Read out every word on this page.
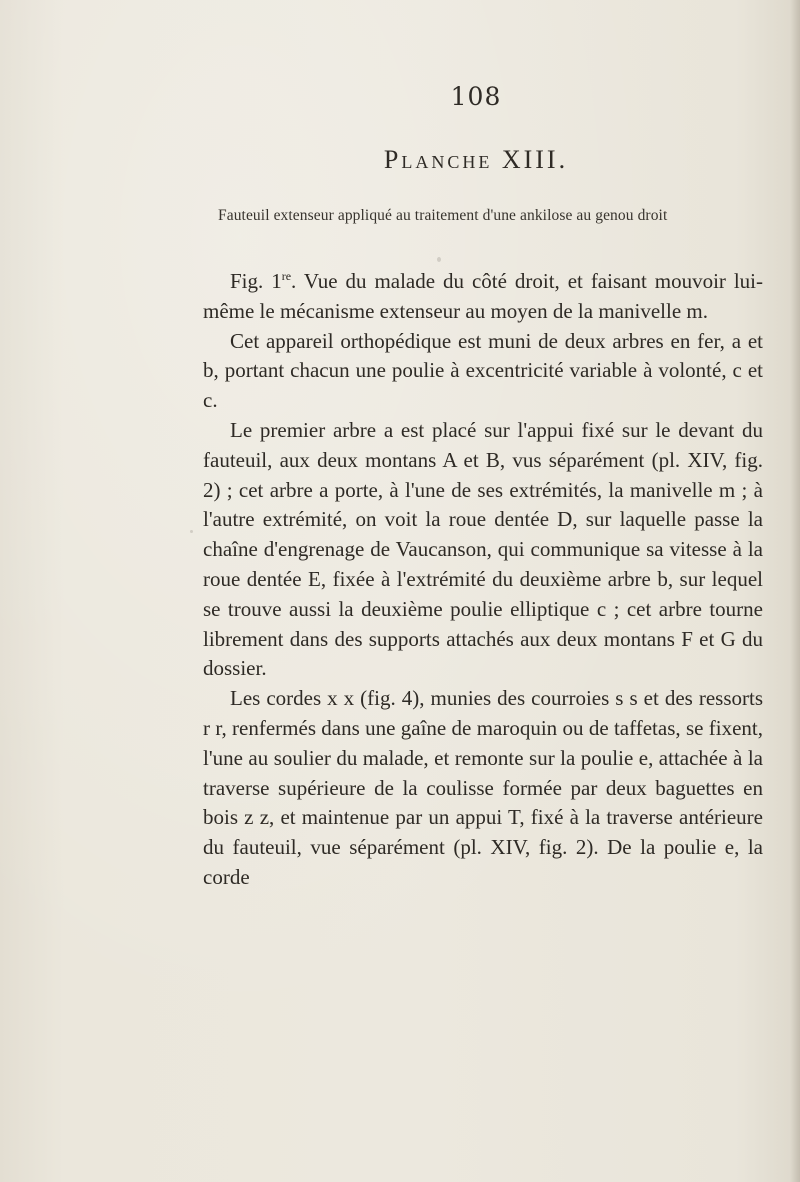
108
Planche XIII.
Fauteuil extenseur appliqué au traitement d'une ankilose au genou droit

Fig. 1re. Vue du malade du côté droit, et faisant mouvoir lui-même le mécanisme extenseur au moyen de la manivelle m.

Cet appareil orthopédique est muni de deux arbres en fer, a et b, portant chacun une poulie à excentricité variable à volonté, c et c.

Le premier arbre a est placé sur l'appui fixé sur le devant du fauteuil, aux deux montans A et B, vus séparément (pl. XIV, fig. 2) ; cet arbre a porte, à l'une de ses extrémités, la manivelle m ; à l'autre extrémité, on voit la roue dentée D, sur laquelle passe la chaîne d'engrenage de Vaucanson, qui communique sa vitesse à la roue dentée E, fixée à l'extrémité du deuxième arbre b, sur lequel se trouve aussi la deuxième poulie elliptique c ; cet arbre tourne librement dans des supports attachés aux deux montans F et G du dossier.

Les cordes x x (fig. 4), munies des courroies s s et des ressorts r r, renfermés dans une gaîne de maroquin ou de taffetas, se fixent, l'une au soulier du malade, et remonte sur la poulie e, attachée à la traverse supérieure de la coulisse formée par deux baguettes en bois z z, et maintenue par un appui T, fixé à la traverse antérieure du fauteuil, vue séparément (pl. XIV, fig. 2). De la poulie e, la corde
